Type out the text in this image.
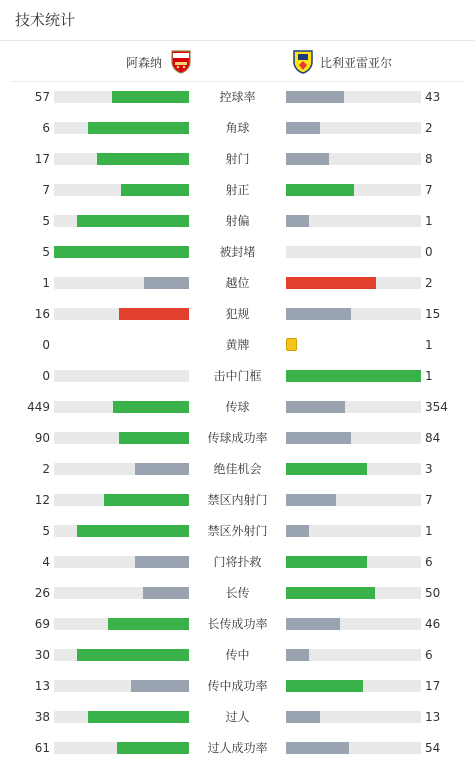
技术统计
阿森纳	比利亚雷亚尔
57	控球率	43
6	角球	2
17	射门	8
7	射正	7
5	射偏	1
5	被封堵	0
1	越位	2
16	犯规	15
0	黄牌	1
0	击中门框	1
449	传球	354
90	传球成功率	84
2	绝佳机会	3
12	禁区内射门	7
5	禁区外射门	1
4	门将扑救	6
26	长传	50
69	长传成功率	46
30	传中	6
13	传中成功率	17
38	过人	13
61	过人成功率	54
